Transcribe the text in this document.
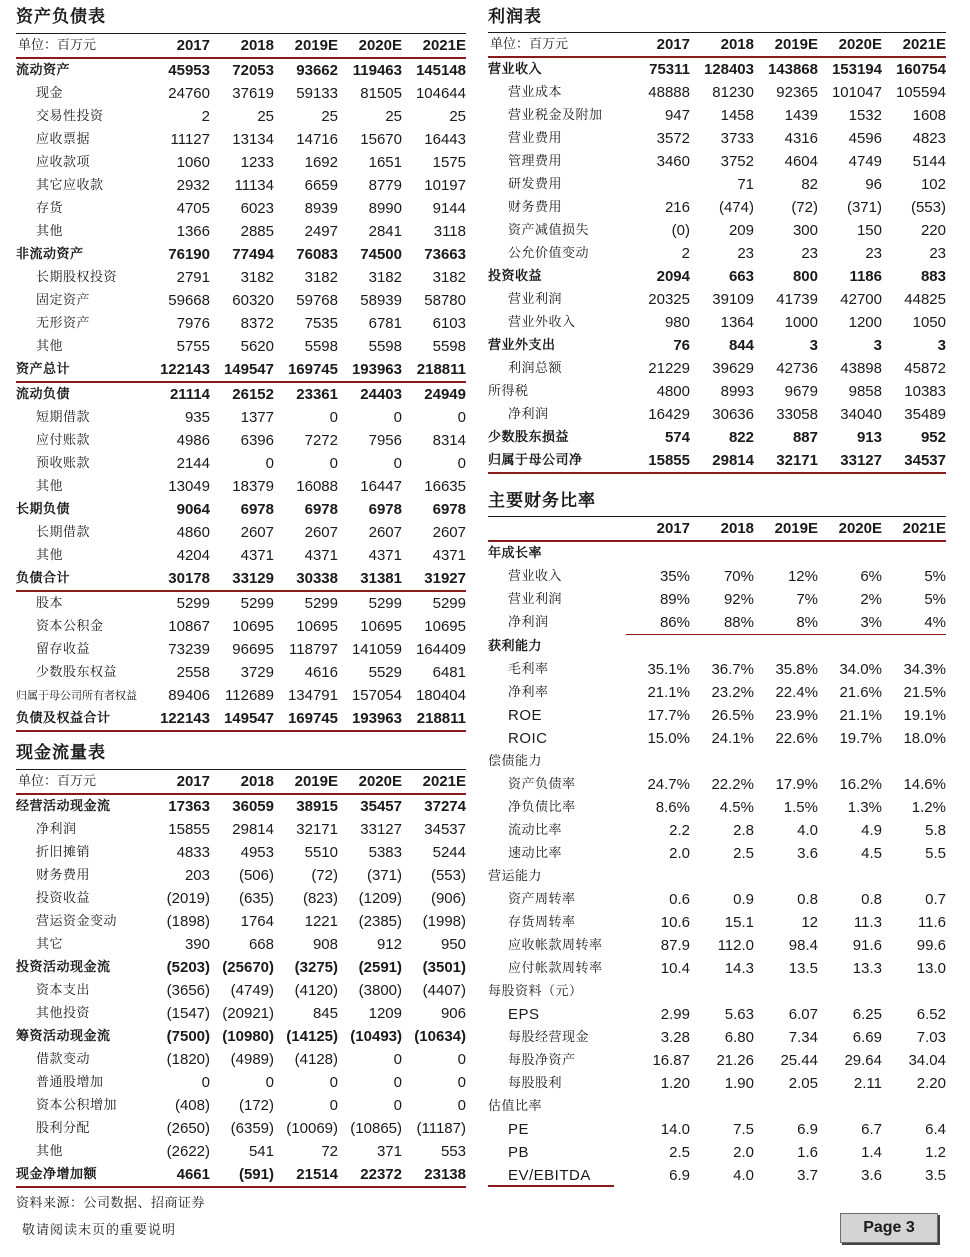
资产负债表
单位：百万元	2017	2018	2019E	2020E	2021E
流动资产	45953	72053	93662	119463	145148
现金	24760	37619	59133	81505	104644
交易性投资	2	25	25	25	25
应收票据	11127	13134	14716	15670	16443
应收款项	1060	1233	1692	1651	1575
其它应收款	2932	11134	6659	8779	10197
存货	4705	6023	8939	8990	9144
其他	1366	2885	2497	2841	3118
非流动资产	76190	77494	76083	74500	73663
长期股权投资	2791	3182	3182	3182	3182
固定资产	59668	60320	59768	58939	58780
无形资产	7976	8372	7535	6781	6103
其他	5755	5620	5598	5598	5598
资产总计	122143	149547	169745	193963	218811
流动负债	21114	26152	23361	24403	24949
短期借款	935	1377	0	0	0
应付账款	4986	6396	7272	7956	8314
预收账款	2144	0	0	0	0
其他	13049	18379	16088	16447	16635
长期负债	9064	6978	6978	6978	6978
长期借款	4860	2607	2607	2607	2607
其他	4204	4371	4371	4371	4371
负债合计	30178	33129	30338	31381	31927
股本	5299	5299	5299	5299	5299
资本公积金	10867	10695	10695	10695	10695
留存收益	73239	96695	118797	141059	164409
少数股东权益	2558	3729	4616	5529	6481
归属于母公司所有者权益	89406	112689	134791	157054	180404
负债及权益合计	122143	149547	169745	193963	218811
现金流量表
单位：百万元	2017	2018	2019E	2020E	2021E
经营活动现金流	17363	36059	38915	35457	37274
净利润	15855	29814	32171	33127	34537
折旧摊销	4833	4953	5510	5383	5244
财务费用	203	(506)	(72)	(371)	(553)
投资收益	(2019)	(635)	(823)	(1209)	(906)
营运资金变动	(1898)	1764	1221	(2385)	(1998)
其它	390	668	908	912	950
投资活动现金流	(5203)	(25670)	(3275)	(2591)	(3501)
资本支出	(3656)	(4749)	(4120)	(3800)	(4407)
其他投资	(1547)	(20921)	845	1209	906
筹资活动现金流	(7500)	(10980)	(14125)	(10493)	(10634)
借款变动	(1820)	(4989)	(4128)	0	0
普通股增加	0	0	0	0	0
资本公积增加	(408)	(172)	0	0	0
股利分配	(2650)	(6359)	(10069)	(10865)	(11187)
其他	(2622)	541	72	371	553
现金净增加额	4661	(591)	21514	22372	23138
利润表
单位：百万元	2017	2018	2019E	2020E	2021E
营业收入	75311	128403	143868	153194	160754
营业成本	48888	81230	92365	101047	105594
营业税金及附加	947	1458	1439	1532	1608
营业费用	3572	3733	4316	4596	4823
管理费用	3460	3752	4604	4749	5144
研发费用		71	82	96	102
财务费用	216	(474)	(72)	(371)	(553)
资产减值损失	(0)	209	300	150	220
公允价值变动	2	23	23	23	23
投资收益	2094	663	800	1186	883
营业利润	20325	39109	41739	42700	44825
营业外收入	980	1364	1000	1200	1050
营业外支出	76	844	3	3	3
利润总额	21229	39629	42736	43898	45872
所得税	4800	8993	9679	9858	10383
净利润	16429	30636	33058	34040	35489
少数股东损益	574	822	887	913	952
归属于母公司净	15855	29814	32171	33127	34537
主要财务比率
	2017	2018	2019E	2020E	2021E
年成长率					
营业收入	35%	70%	12%	6%	5%
营业利润	89%	92%	7%	2%	5%
净利润	86%	88%	8%	3%	4%
获利能力					
毛利率	35.1%	36.7%	35.8%	34.0%	34.3%
净利率	21.1%	23.2%	22.4%	21.6%	21.5%
ROE	17.7%	26.5%	23.9%	21.1%	19.1%
ROIC	15.0%	24.1%	22.6%	19.7%	18.0%
偿债能力					
资产负债率	24.7%	22.2%	17.9%	16.2%	14.6%
净负债比率	8.6%	4.5%	1.5%	1.3%	1.2%
流动比率	2.2	2.8	4.0	4.9	5.8
速动比率	2.0	2.5	3.6	4.5	5.5
营运能力					
资产周转率	0.6	0.9	0.8	0.8	0.7
存货周转率	10.6	15.1	12	11.3	11.6
应收帐款周转率	87.9	112.0	98.4	91.6	99.6
应付帐款周转率	10.4	14.3	13.5	13.3	13.0
每股资料（元）					
EPS	2.99	5.63	6.07	6.25	6.52
每股经营现金	3.28	6.80	7.34	6.69	7.03
每股净资产	16.87	21.26	25.44	29.64	34.04
每股股利	1.20	1.90	2.05	2.11	2.20
估值比率					
PE	14.0	7.5	6.9	6.7	6.4
PB	2.5	2.0	1.6	1.4	1.2
EV/EBITDA	6.9	4.0	3.7	3.6	3.5
资料来源：公司数据、招商证券
敬请阅读末页的重要说明	Page 3
